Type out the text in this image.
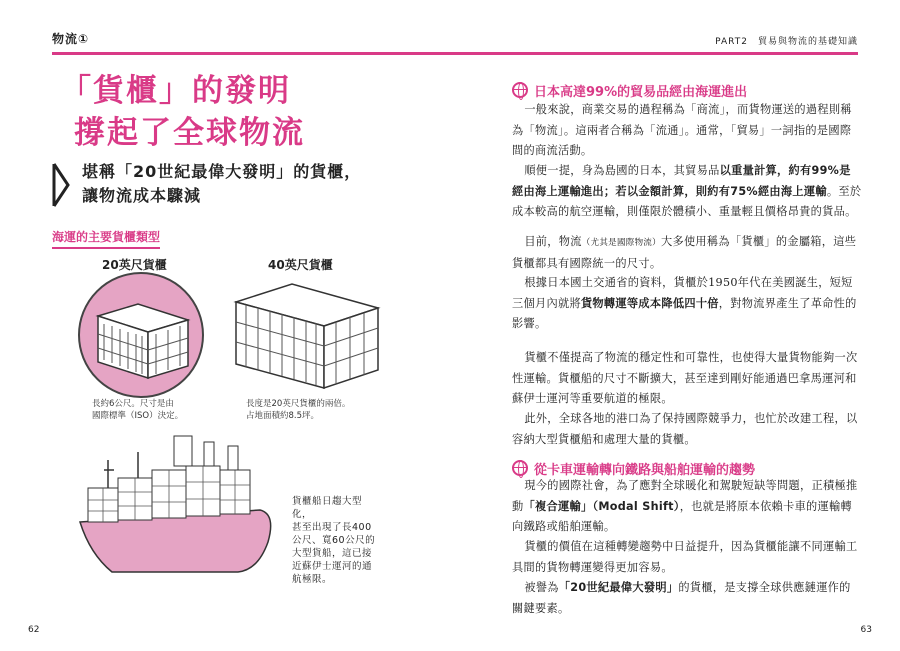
物流①
「貨櫃」的發明
撐起了全球物流
堪稱「20世紀最偉大發明」的貨櫃，
讓物流成本驟減
海運的主要貨櫃類型
20英尺貨櫃
長約6公尺。尺寸是由
國際標準（ISO）決定。
40英尺貨櫃
長度是20英尺貨櫃的兩倍。
占地面積約8.5坪。
貨櫃船日趨大型化，
甚至出現了長400
公尺、寬60公尺的
大型貨船，這已接
近蘇伊士運河的通
航極限。
62
PART2　貿易與物流的基礎知識
日本高達99%的貿易品經由海運進出
一般來說，商業交易的過程稱為「商流」，而貨物運送的過程則稱為「物流」。這兩者合稱為「流通」。通常，「貿易」一詞指的是國際間的商流活動。
順便一提，身為島國的日本，其貿易品以重量計算，約有99%是經由海上運輸進出；若以金額計算，則約有75%經由海上運輸。至於成本較高的航空運輸，則僅限於體積小、重量輕且價格昂貴的貨品。
目前，物流（尤其是國際物流）大多使用稱為「貨櫃」的金屬箱，這些貨櫃都具有國際統一的尺寸。
根據日本國土交通省的資料，貨櫃於1950年代在美國誕生，短短三個月內就將貨物轉運等成本降低四十倍，對物流界產生了革命性的影響。
貨櫃不僅提高了物流的穩定性和可靠性，也使得大量貨物能夠一次性運輸。貨櫃船的尺寸不斷擴大，甚至達到剛好能通過巴拿馬運河和蘇伊士運河等重要航道的極限。
此外，全球各地的港口為了保持國際競爭力，也忙於改建工程，以容納大型貨櫃船和處理大量的貨櫃。
從卡車運輸轉向鐵路與船舶運輸的趨勢
現今的國際社會，為了應對全球暖化和駕駛短缺等問題，正積極推動「複合運輸」（Modal Shift），也就是將原本依賴卡車的運輸轉向鐵路或船舶運輸。
貨櫃的價值在這種轉變趨勢中日益提升，因為貨櫃能讓不同運輸工具間的貨物轉運變得更加容易。
被譽為「20世紀最偉大發明」的貨櫃，是支撐全球供應鏈運作的關鍵要素。
63
